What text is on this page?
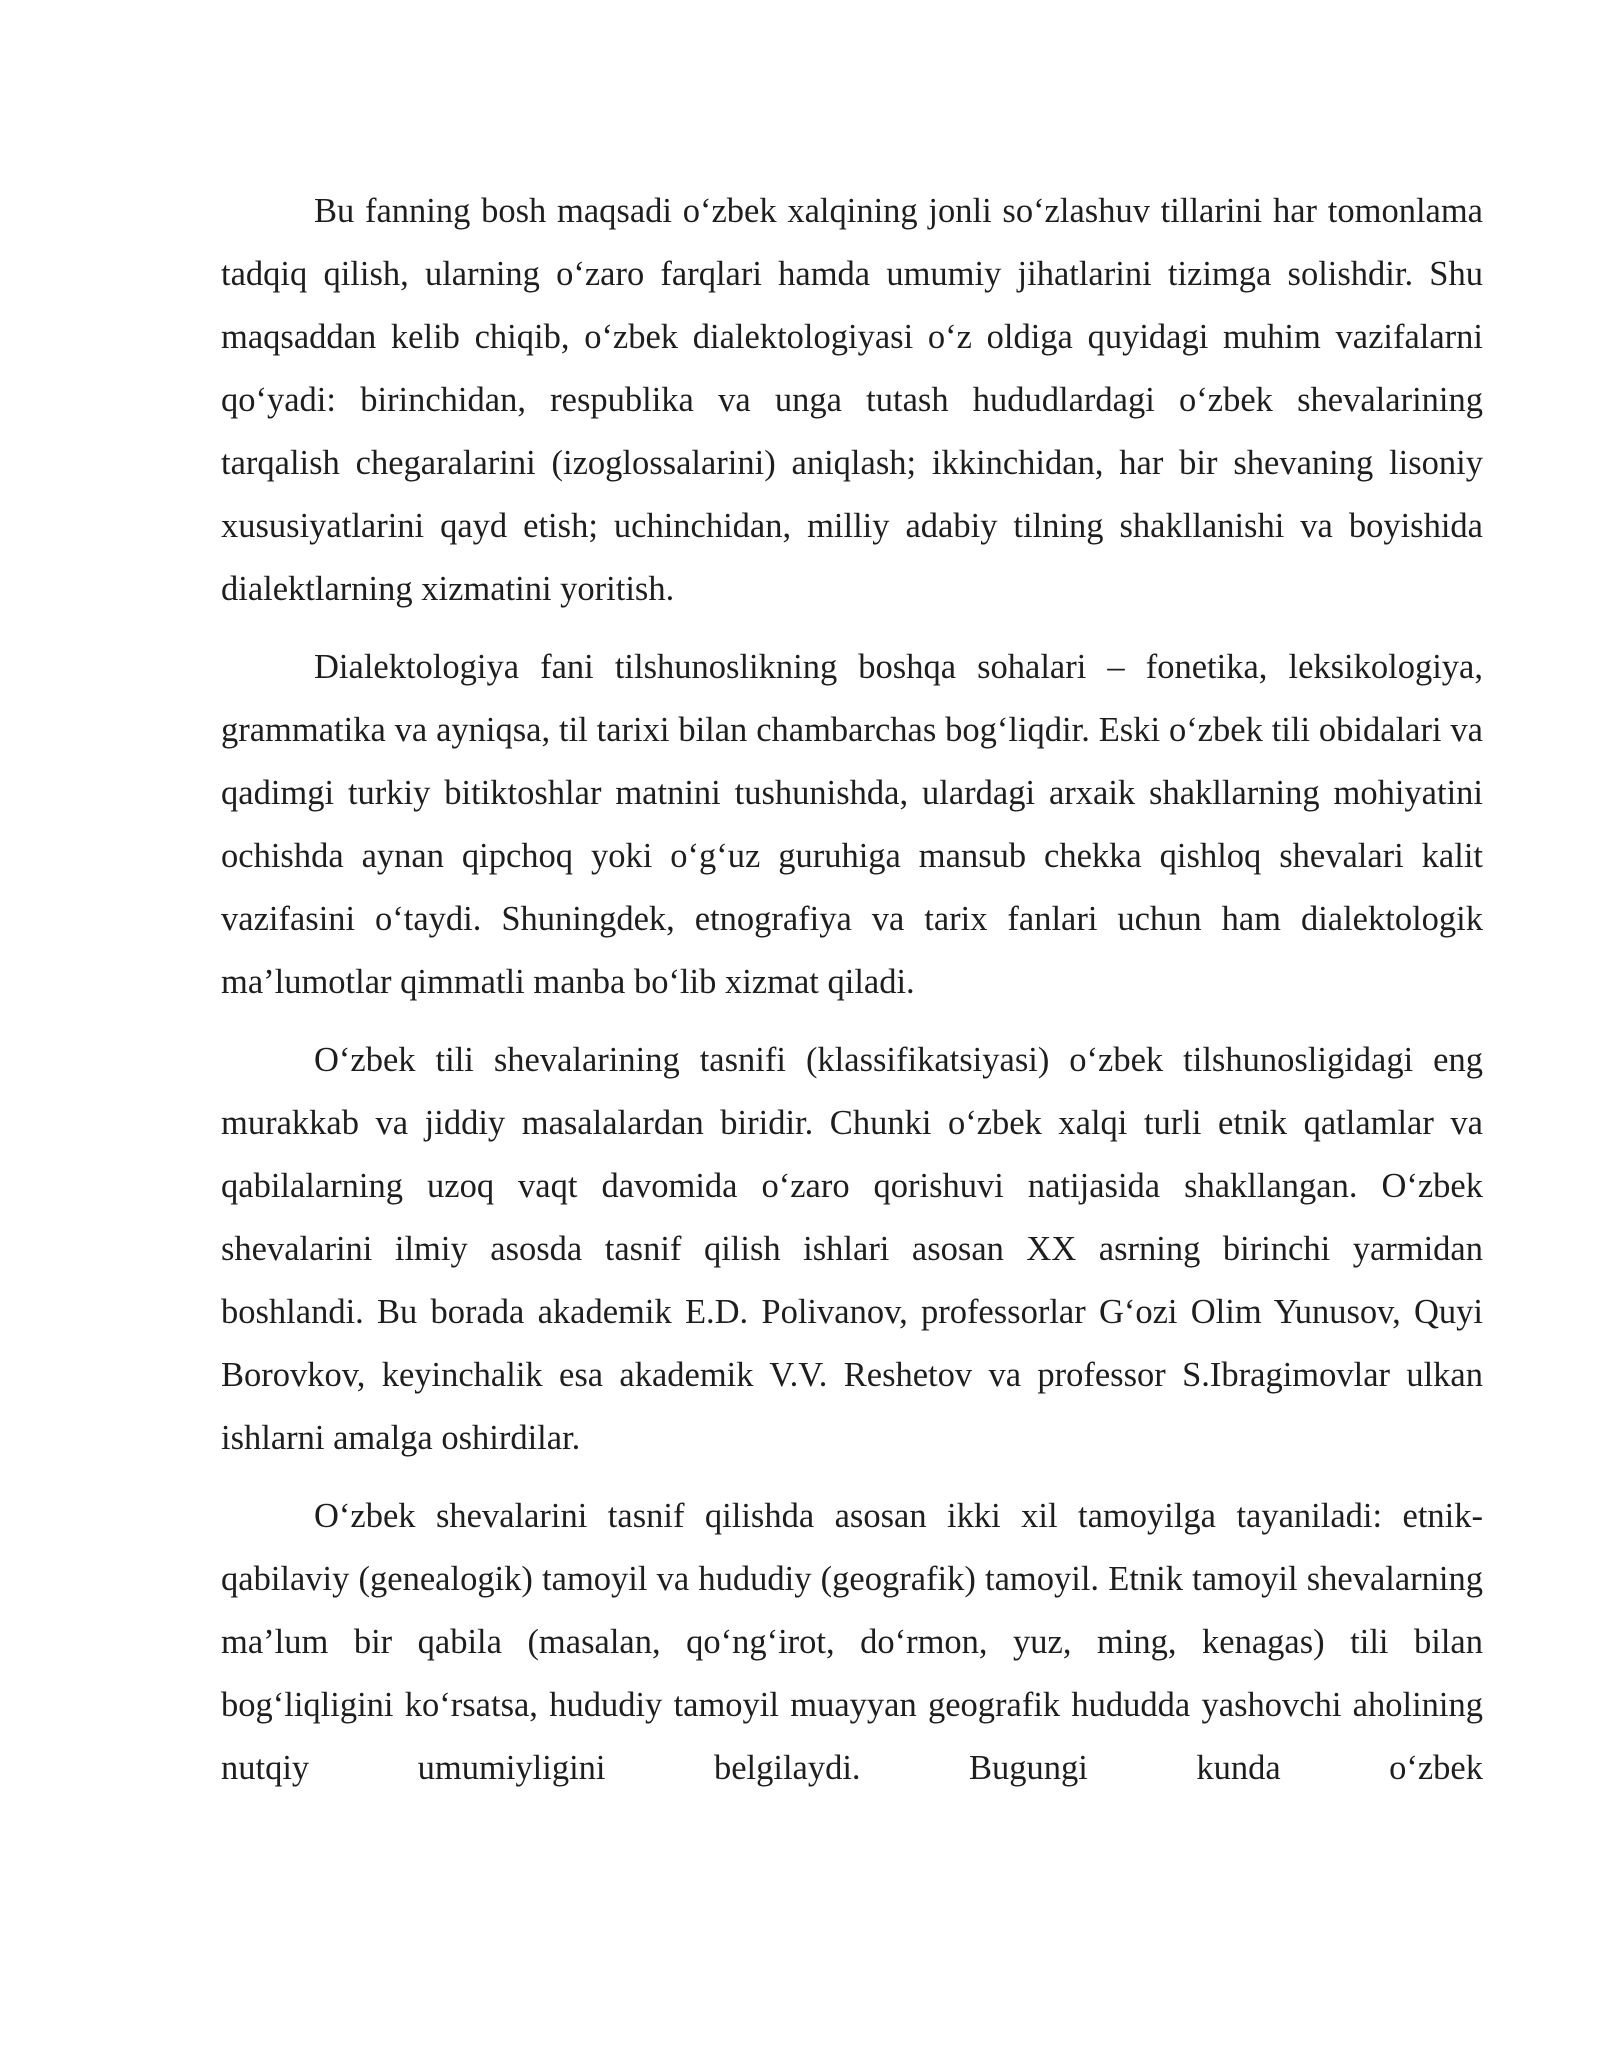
Bu fanning bosh maqsadi o‘zbek xalqining jonli so‘zlashuv tillarini har tomonlama tadqiq qilish, ularning o‘zaro farqlari hamda umumiy jihatlarini tizimga solishdir. Shu maqsaddan kelib chiqib, o‘zbek dialektologiyasi o‘z oldiga quyidagi muhim vazifalarni qo‘yadi: birinchidan, respublika va unga tutash hududlardagi o‘zbek shevalarining tarqalish chegaralarini (izoglossalarini) aniqlash; ikkinchidan, har bir shevaning lisoniy xususiyatlarini qayd etish; uchinchidan, milliy adabiy tilning shakllanishi va boyishida dialektlarning xizmatini yoritish.

Dialektologiya fani tilshunoslikning boshqa sohalari – fonetika, leksikologiya, grammatika va ayniqsa, til tarixi bilan chambarchas bog‘liqdir. Eski o‘zbek tili obidalari va qadimgi turkiy bitiktoshlar matnini tushunishda, ulardagi arxaik shakllarning mohiyatini ochishda aynan qipchoq yoki o‘g‘uz guruhiga mansub chekka qishloq shevalari kalit vazifasini o‘taydi. Shuningdek, etnografiya va tarix fanlari uchun ham dialektologik ma’lumotlar qimmatli manba bo‘lib xizmat qiladi.

O‘zbek tili shevalarining tasnifi (klassifikatsiyasi) o‘zbek tilshunosligidagi eng murakkab va jiddiy masalalardan biridir. Chunki o‘zbek xalqi turli etnik qatlamlar va qabilalarning uzoq vaqt davomida o‘zaro qorishuvi natijasida shakllangan. O‘zbek shevalarini ilmiy asosda tasnif qilish ishlari asosan XX asrning birinchi yarmidan boshlandi. Bu borada akademik E.D. Polivanov, professorlar G‘ozi Olim Yunusov, Quyi Borovkov, keyinchalik esa akademik V.V. Reshetov va professor S.Ibragimovlar ulkan ishlarni amalga oshirdilar.

O‘zbek shevalarini tasnif qilishda asosan ikki xil tamoyilga tayaniladi: etnik-qabilaviy (genealogik) tamoyil va hududiy (geografik) tamoyil. Etnik tamoyil shevalarning ma’lum bir qabila (masalan, qo‘ng‘irot, do‘rmon, yuz, ming, kenagas) tili bilan bog‘liqligini ko‘rsatsa, hududiy tamoyil muayyan geografik hududda yashovchi aholining nutqiy umumiyligini belgilaydi. Bugungi kunda o‘zbek
